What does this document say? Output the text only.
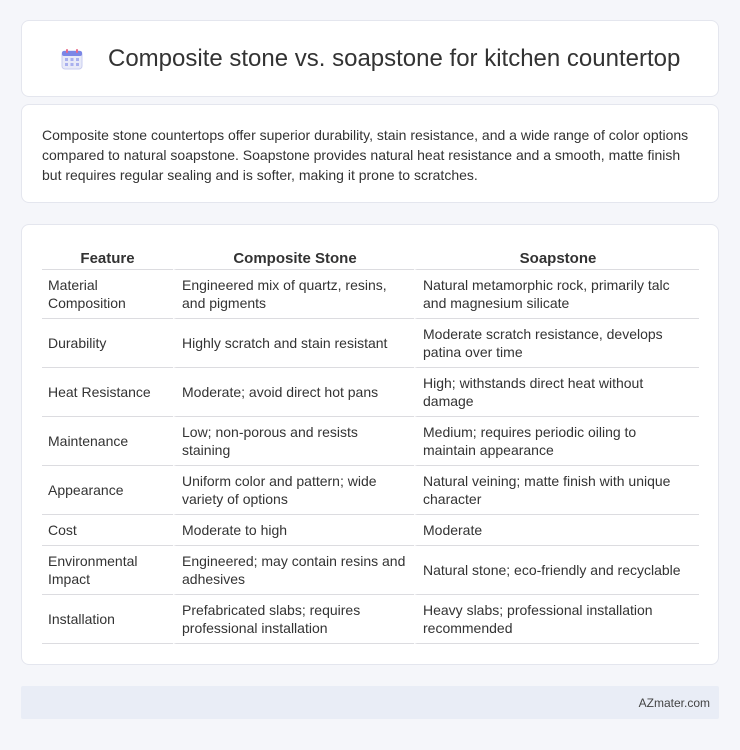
Composite stone vs. soapstone for kitchen countertop

Composite stone countertops offer superior durability, stain resistance, and a wide range of color options compared to natural soapstone. Soapstone provides natural heat resistance and a smooth, matte finish but requires regular sealing and is softer, making it prone to scratches.

Feature	Composite Stone	Soapstone
Material Composition	Engineered mix of quartz, resins, and pigments	Natural metamorphic rock, primarily talc and magnesium silicate
Durability	Highly scratch and stain resistant	Moderate scratch resistance, develops patina over time
Heat Resistance	Moderate; avoid direct hot pans	High; withstands direct heat without damage
Maintenance	Low; non-porous and resists staining	Medium; requires periodic oiling to maintain appearance
Appearance	Uniform color and pattern; wide variety of options	Natural veining; matte finish with unique character
Cost	Moderate to high	Moderate
Environmental Impact	Engineered; may contain resins and adhesives	Natural stone; eco-friendly and recyclable
Installation	Prefabricated slabs; requires professional installation	Heavy slabs; professional installation recommended
AZmater.com
